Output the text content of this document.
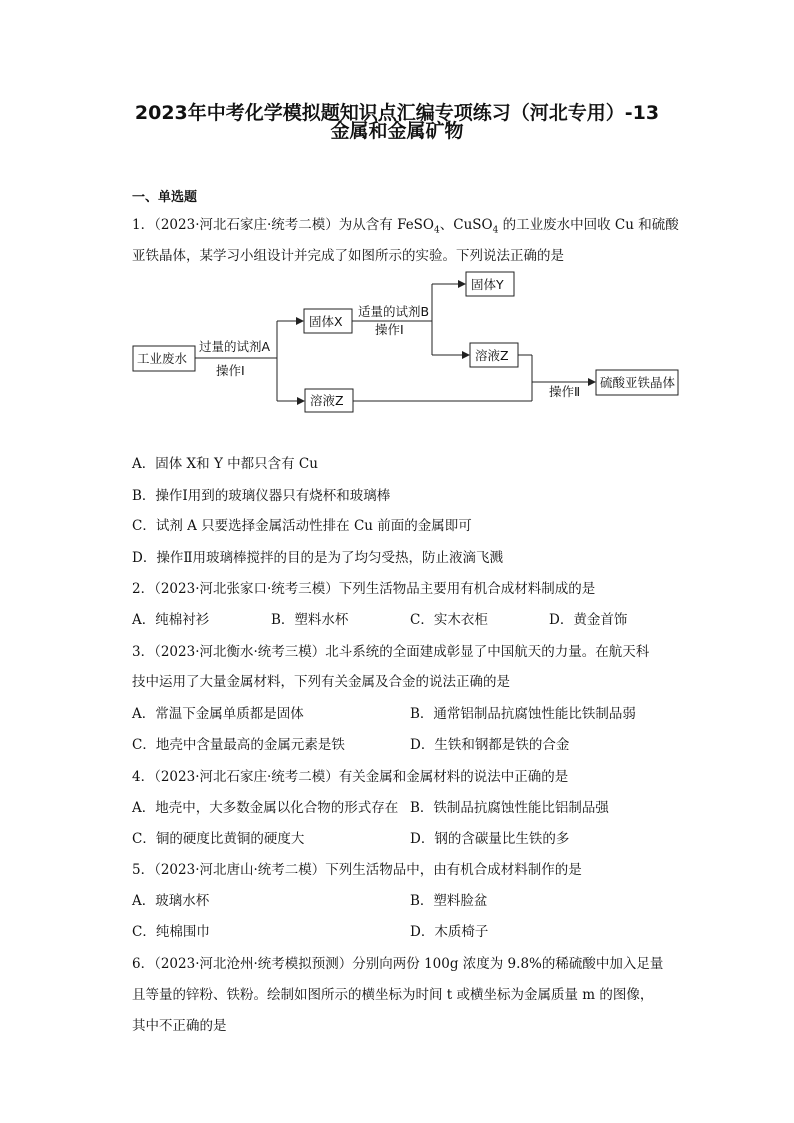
2023年中考化学模拟题知识点汇编专项练习（河北专用）-13
金属和金属矿物
一、单选题
1．（2023·河北石家庄·统考二模）为从含有 FeSO$_4$、CuSO$_4$ 的工业废水中回收 Cu 和硫酸
亚铁晶体，某学习小组设计并完成了如图所示的实验。下列说法正确的是
工业废水
固体X
固体Y
溶液Z
溶液Z
硫酸亚铁晶体
过量的试剂A
操作Ⅰ
适量的试剂B
操作Ⅰ
操作Ⅱ
A．固体 X和 Y 中都只含有 Cu
B．操作Ⅰ用到的玻璃仪器只有烧杯和玻璃棒
C．试剂 A 只要选择金属活动性排在 Cu 前面的金属即可
D．操作Ⅱ用玻璃棒搅拌的目的是为了均匀受热，防止液滴飞溅
2．（2023·河北张家口·统考三模）下列生活物品主要用有机合成材料制成的是
A．纯棉衬衫	B．塑料水杯	C．实木衣柜	D．黄金首饰
3．（2023·河北衡水·统考三模）北斗系统的全面建成彰显了中国航天的力量。在航天科
技中运用了大量金属材料，下列有关金属及合金的说法正确的是
A．常温下金属单质都是固体	B．通常铝制品抗腐蚀性能比铁制品弱
C．地壳中含量最高的金属元素是铁	D．生铁和钢都是铁的合金
4．（2023·河北石家庄·统考二模）有关金属和金属材料的说法中正确的是
A．地壳中，大多数金属以化合物的形式存在 B．铁制品抗腐蚀性能比铝制品强
C．铜的硬度比黄铜的硬度大	D．钢的含碳量比生铁的多
5．（2023·河北唐山·统考二模）下列生活物品中，由有机合成材料制作的是
A．玻璃水杯	B．塑料脸盆
C．纯棉围巾	D．木质椅子
6．（2023·河北沧州·统考模拟预测）分别向两份 100g 浓度为 9.8%的稀硫酸中加入足量
且等量的锌粉、铁粉。绘制如图所示的横坐标为时间 t 或横坐标为金属质量 m 的图像，
其中不正确的是
